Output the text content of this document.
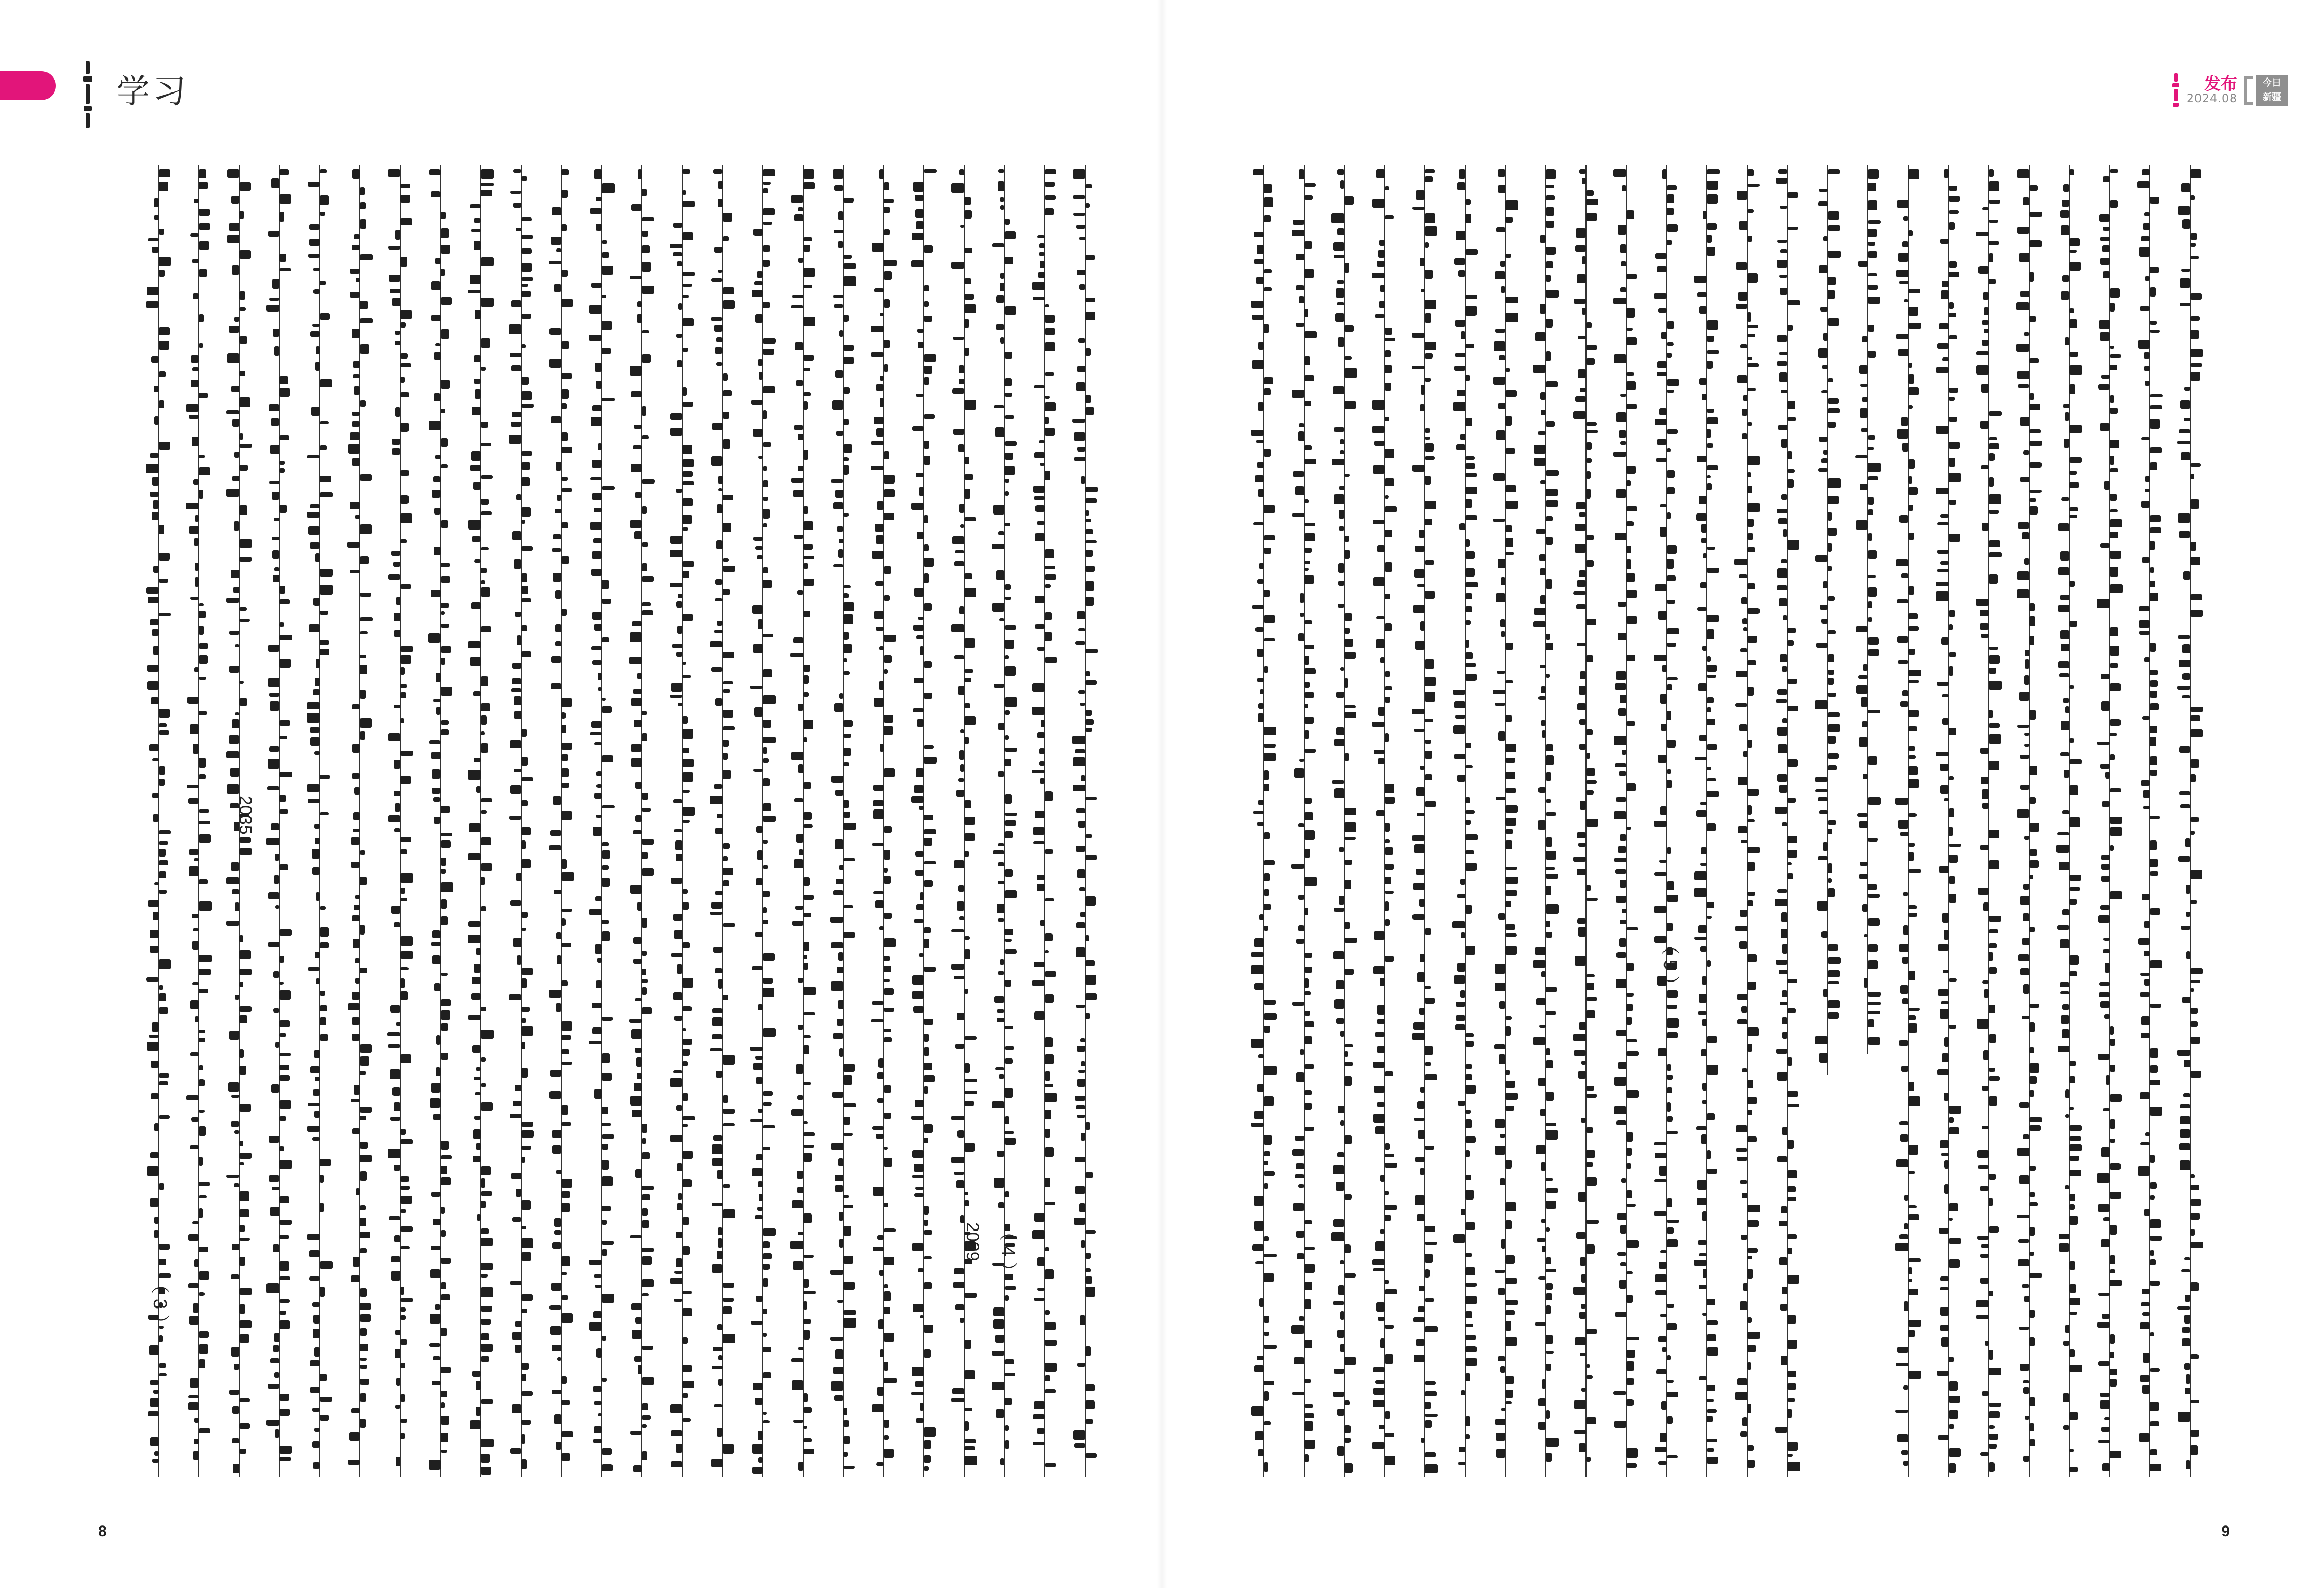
学习
（ 3 ）
2035
（ 4 ）
2029
8
发布
2024.08
今日
新疆
（ 5 ）
9
